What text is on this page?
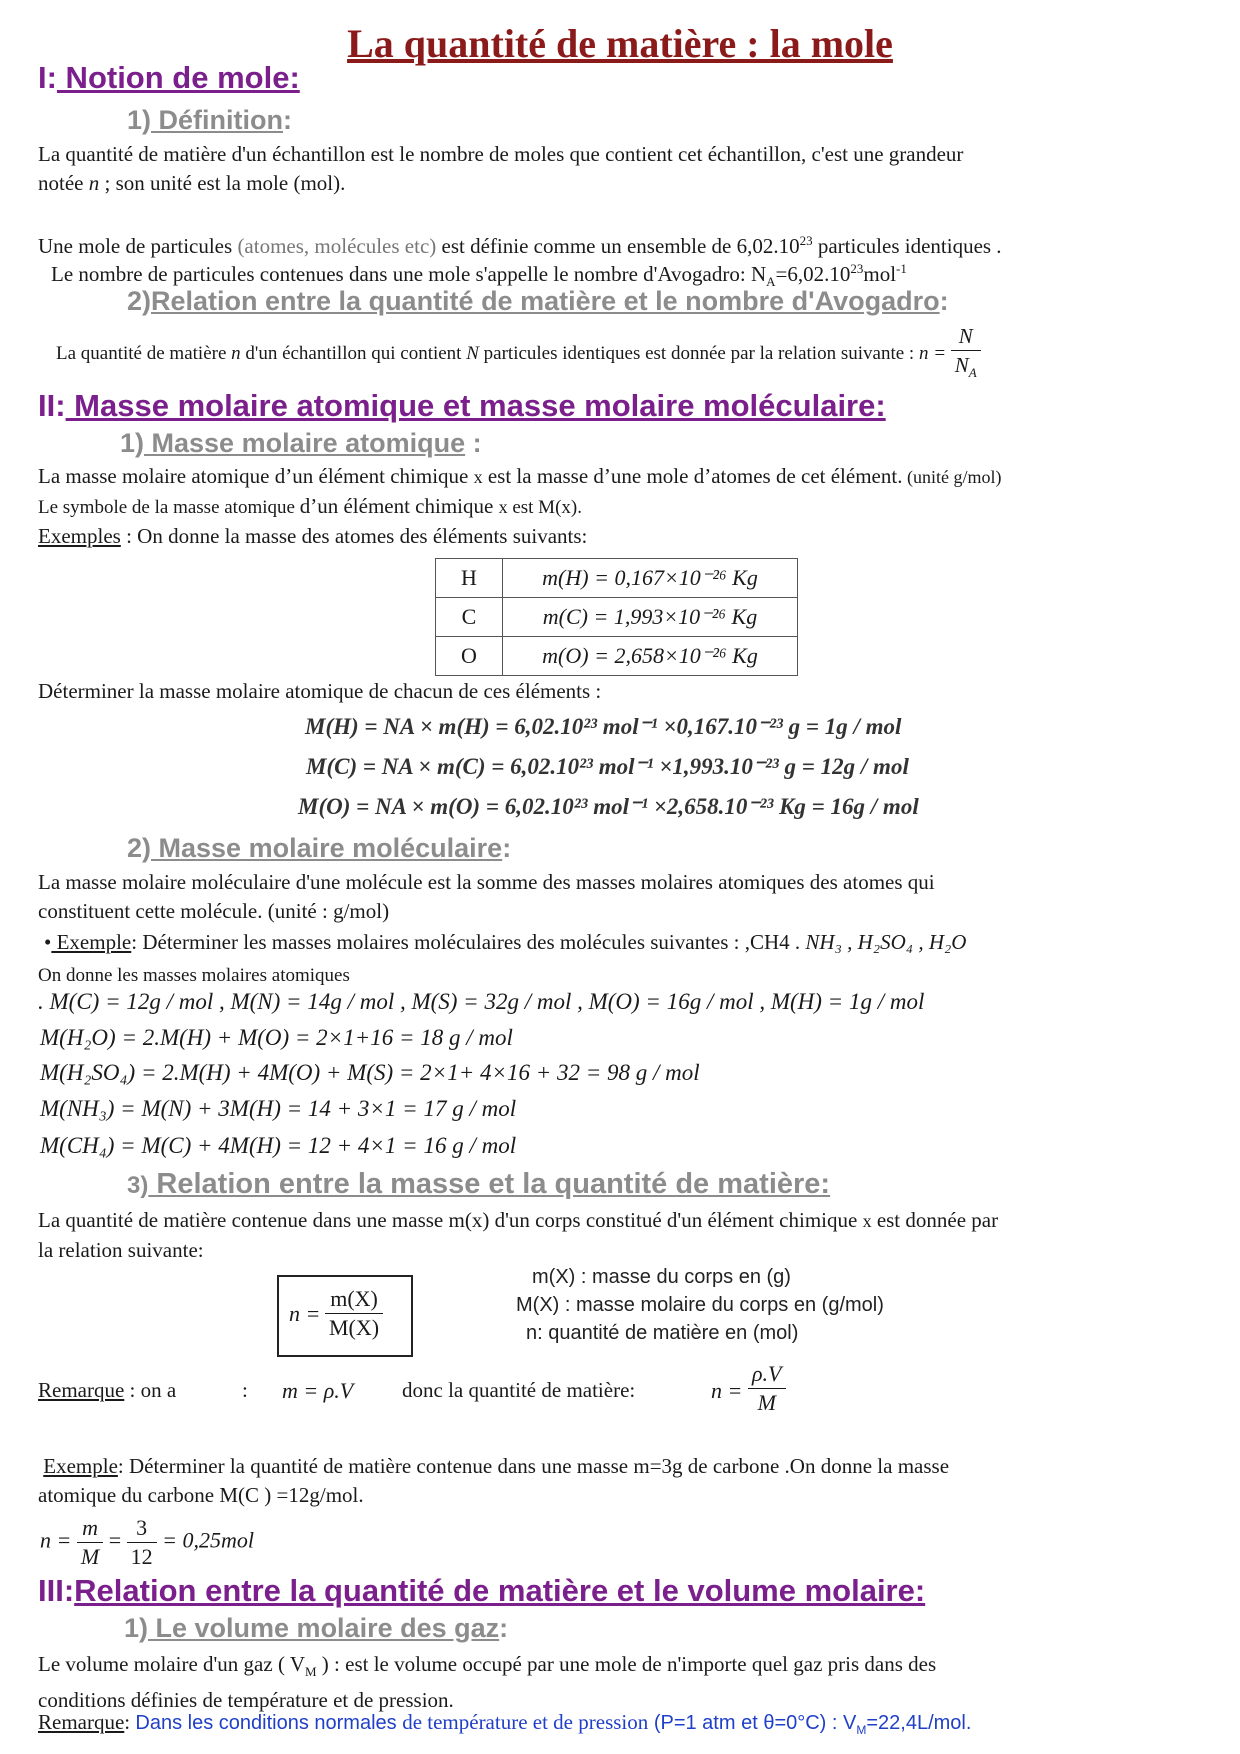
La quantité de matière : la mole
I: Notion de mole:
1) Définition:
La quantité de matière d'un échantillon est le nombre de moles que contient cet échantillon, c'est une grandeur
notée n ; son unité est la mole (mol).
Une mole de particules (atomes, molécules etc) est définie comme un ensemble de 6,02.10$^{23}$ particules identiques .
Le nombre de particules contenues dans une mole s'appelle le nombre d'Avogadro: $N_A=6,02.10^{23}mol^{-1}$
2)Relation entre la quantité de matière et le nombre d'Avogadro:
La quantité de matière n d'un échantillon qui contient N particules identiques est donnée par la relation suivante : $n = \frac{N}{N_A}$
II: Masse molaire atomique et masse molaire moléculaire:
1) Masse molaire atomique :
La masse molaire atomique d’un élément chimique x est la masse d’une mole d’atomes de cet élément. (unité g/mol)
Le symbole de la masse atomique d’un élément chimique x est M(x).
Exemples : On donne la masse des atomes des éléments suivants:
H	m(H) = 0,167×10⁻²⁶ Kg
C	m(C) = 1,993×10⁻²⁶ Kg
O	m(O) = 2,658×10⁻²⁶ Kg
Déterminer la masse molaire atomique de chacun de ces éléments :
M(H) = NA × m(H) = 6,02.10²³ mol⁻¹ ×0,167.10⁻²³ g = 1g / mol
M(C) = NA × m(C) = 6,02.10²³ mol⁻¹ ×1,993.10⁻²³ g = 12g / mol
M(O) = NA × m(O) = 6,02.10²³ mol⁻¹ ×2,658.10⁻²³ Kg = 16g / mol
2) Masse molaire moléculaire:
La masse molaire moléculaire d'une molécule est la somme des masses molaires atomiques des atomes qui
constituent cette molécule. (unité : g/mol)
• Exemple: Déterminer les masses molaires moléculaires des molécules suivantes : ,CH4 . NH₃ , H₂SO₄ , H₂O
On donne les masses molaires atomiques
. M(C) = 12g / mol , M(N) = 14g / mol , M(S) = 32g / mol , M(O) = 16g / mol , M(H) = 1g / mol
M(H₂O) = 2.M(H) + M(O) = 2×1+16 = 18 g / mol
M(H₂SO₄) = 2.M(H) + 4M(O) + M(S) = 2×1+ 4×16 + 32 = 98 g / mol
M(NH₃) = M(N) + 3M(H) = 14 + 3×1 = 17 g / mol
M(CH₄) = M(C) + 4M(H) = 12 + 4×1 = 16 g / mol
3) Relation entre la masse et la quantité de matière:
La quantité de matière contenue dans une masse m(x) d'un corps constitué d'un élément chimique x est donnée par
la relation suivante:
$n = \frac{m(X)}{M(X)}$
m(X) : masse du corps en (g)
M(X) : masse molaire du corps en (g/mol)
n: quantité de matière en (mol)
Remarque : on a	: m = ρ.V donc la quantité de matière:	$n = \frac{\rho.V}{M}$
Exemple: Déterminer la quantité de matière contenue dans une masse m=3g de carbone .On donne la masse
atomique du carbone M(C ) =12g/mol.
$n = \frac{m}{M} = \frac{3}{12} = 0,25mol$
III:Relation entre la quantité de matière et le volume molaire:
1) Le volume molaire des gaz:
Le volume molaire d'un gaz ( $V_M$ ) : est le volume occupé par une mole de n'importe quel gaz pris dans des
conditions définies de température et de pression.
Remarque: Dans les conditions normales de température et de pression (P=1 atm et θ=0°C) : $V_M=22,4L$/mol.
